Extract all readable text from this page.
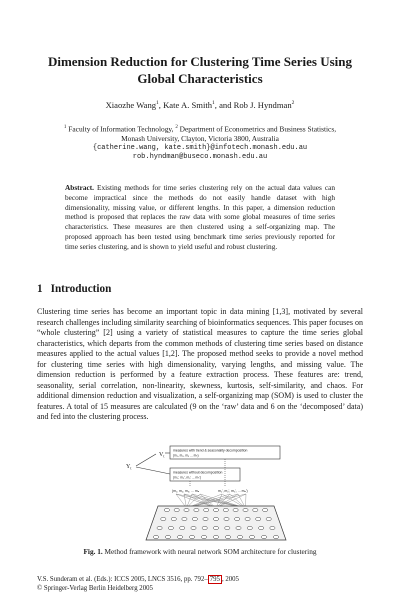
Dimension Reduction for Clustering Time Series Using
Global Characteristics
Xiaozhe Wang$^1$, Kate A. Smith$^1$, and Rob J. Hyndman$^2$
$^1$ Faculty of Information Technology, $^2$ Department of Econometrics and Business Statistics,
Monash University, Clayton, Victoria 3800, Australia
{catherine.wang, kate.smith}@infotech.monash.edu.au
rob.hyndman@buseco.monash.edu.au
Abstract. Existing methods for time series clustering rely on the actual data values can become impractical since the methods do not easily handle dataset with high dimensionality, missing value, or different lengths. In this paper, a dimension reduction method is proposed that replaces the raw data with some global measures of time series characteristics. These measures are then clustered using a self-organizing map. The proposed approach has been tested using benchmark time series previously reported for time series clustering, and is shown to yield useful and robust clustering.
1 Introduction

Clustering time series has become an important topic in data mining [1,3], motivated by several research challenges including similarity searching of bioinformatics sequences. This paper focuses on “whole clustering” [2] using a variety of statistical measures to capture the time series global characteristics, which departs from the common methods of clustering time series based on distance measures applied to the actual values [1,2]. The proposed method seeks to provide a novel method for clustering time series with high dimensionality, varying lengths, and missing value. The dimension reduction is performed by a feature extraction process. These features are: trend, seasonality, serial correlation, non-linearity, skewness, kurtosis, self-similarity, and chaos. For additional dimension reduction and visualization, a self-organizing map (SOM) is used to cluster the features. A total of 15 measures are calculated (9 on the ‘raw’ data and 6 on the ‘decomposed’ data) and fed into the clustering process.

$V_t$
$Y_t$
measures with trend & seasonality decomposition
(m₁, m₂, m₃ ... mₙ)
measures without decomposition
(m₁', m₂', m₃' ... mₙ')
(m₁, m₂, m₃, ... mₙ	m₁', m₂', m₃', ... mₙ')
Fig. 1. Method framework with neural network SOM architecture for clustering
V.S. Sunderam et al. (Eds.): ICCS 2005, LNCS 3516, pp. 792– 795 , 2005
© Springer-Verlag Berlin Heidelberg 2005
